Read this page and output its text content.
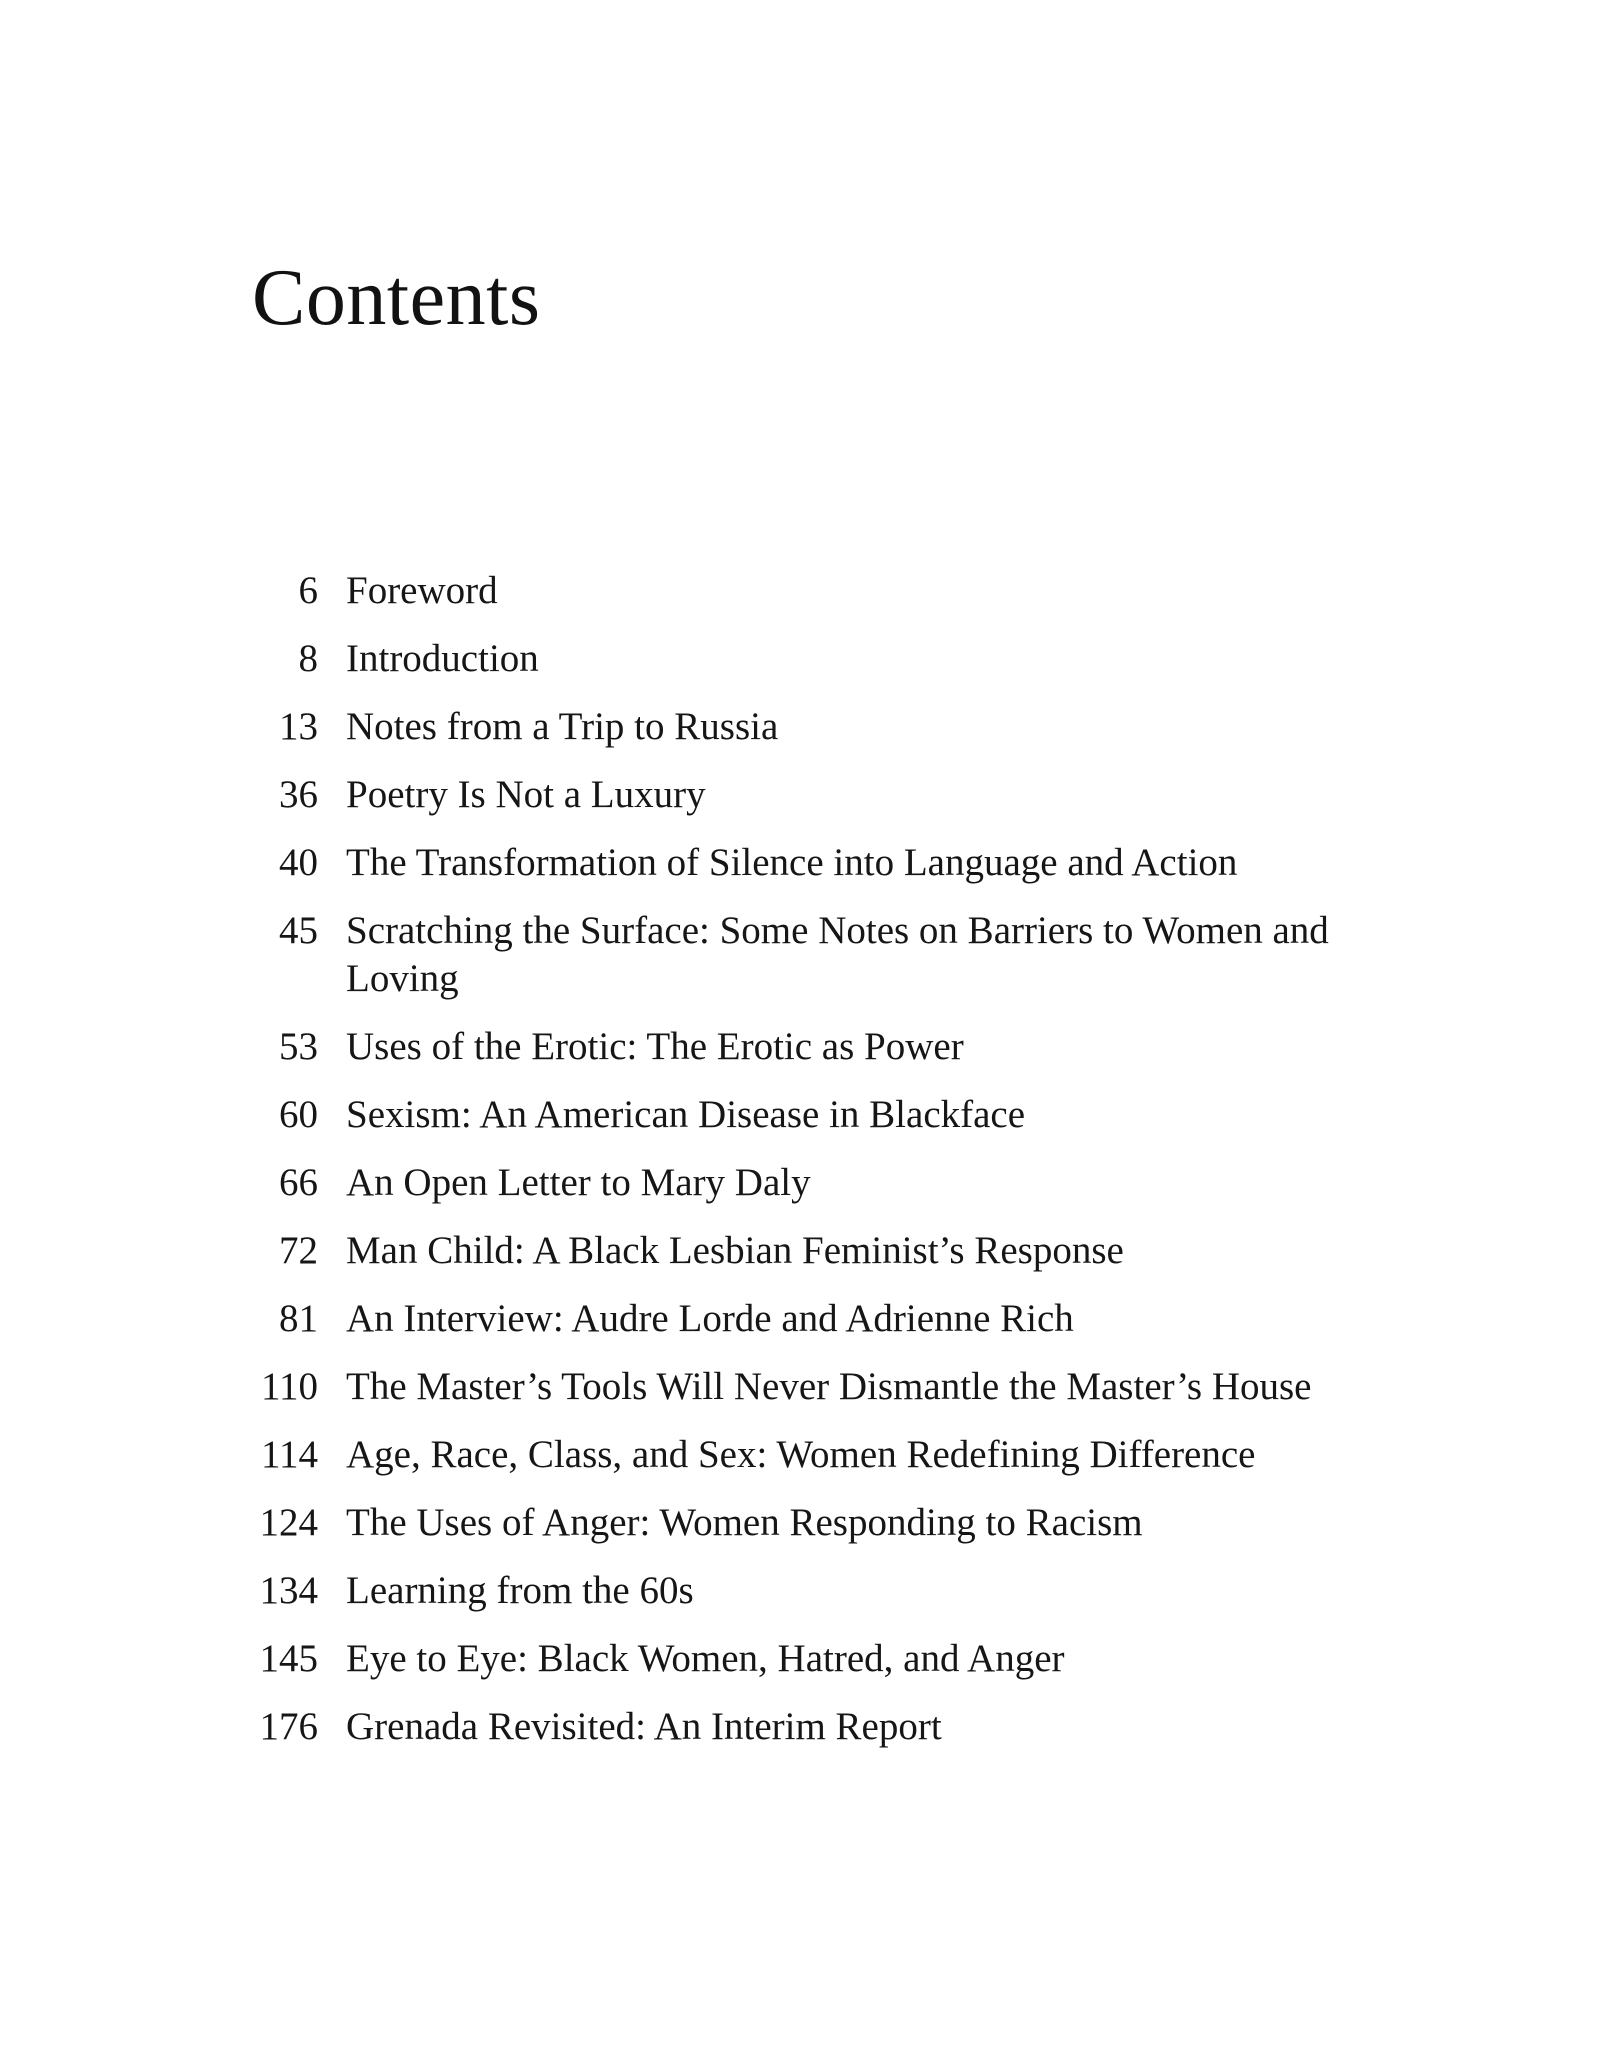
Contents
6 Foreword
8 Introduction
13 Notes from a Trip to Russia
36 Poetry Is Not a Luxury
40 The Transformation of Silence into Language and Action
45 Scratching the Surface: Some Notes on Barriers to Women and Loving
53 Uses of the Erotic: The Erotic as Power
60 Sexism: An American Disease in Blackface
66 An Open Letter to Mary Daly
72 Man Child: A Black Lesbian Feminist’s Response
81 An Interview: Audre Lorde and Adrienne Rich
110 The Master’s Tools Will Never Dismantle the Master’s House
114 Age, Race, Class, and Sex: Women Redefining Difference
124 The Uses of Anger: Women Responding to Racism
134 Learning from the 60s
145 Eye to Eye: Black Women, Hatred, and Anger
176 Grenada Revisited: An Interim Report
